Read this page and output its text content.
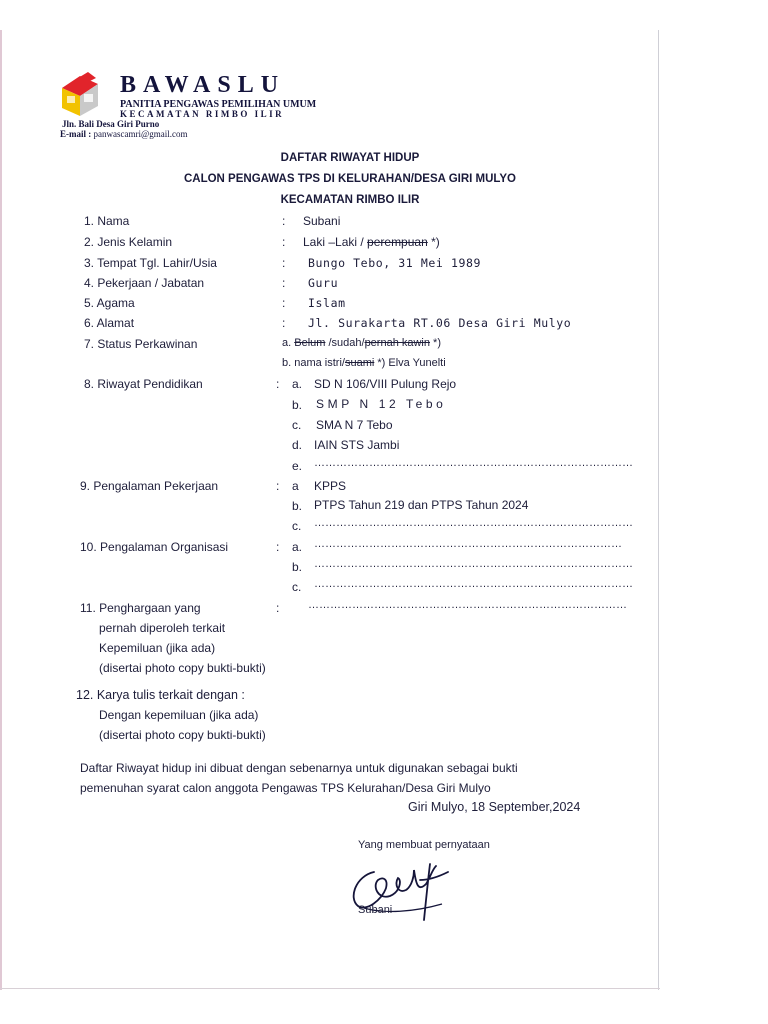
BAWASLU
PANITIA PENGAWAS PEMILIHAN UMUM
KECAMATAN RIMBO ILIR
Jln. Bali Desa Giri Purno
E-mail : panwascamri@gmail.com
DAFTAR RIWAYAT HIDUP
CALON PENGAWAS TPS DI KELURAHAN/DESA GIRI MULYO
KECAMATAN RIMBO ILIR
1. Nama	: Subani
2. Jenis Kelamin	: Laki –Laki / perempuan *)
3. Tempat Tgl. Lahir/Usia	: Bungo Tebo, 31 Mei 1989
4. Pekerjaan / Jabatan	: Guru
5. Agama	: Islam
6. Alamat	: Jl. Surakarta RT.06 Desa Giri Mulyo
7. Status Perkawinan	a. Belum /sudah/pernah kawin *)
b. nama istri/suami *) Elva Yunelti
8. Riwayat Pendidikan	: a. SD N 106/VIII Pulung Rejo
b. SMP N 12 Tebo
c. SMA N 7 Tebo
d. IAIN STS Jambi
e. ……………………………………………………………………………
9. Pengalaman Pekerjaan	: a KPPS
b. PTPS Tahun 219 dan PTPS Tahun 2024
c. ……………………………………………………………………………
10. Pengalaman Organisasi	: a. …………………………………………………………………………
b. ……………………………………………………………………………
c. ……………………………………………………………………………
11. Penghargaan yang
pernah diperoleh terkait
Kepemiluan (jika ada)
(disertai photo copy bukti-bukti)
:	……………………………………………………………………………
12. Karya tulis terkait dengan :
Dengan kepemiluan (jika ada)
(disertai photo copy bukti-bukti)
Daftar Riwayat hidup ini dibuat dengan sebenarnya untuk digunakan sebagai bukti
pemenuhan syarat calon anggota Pengawas TPS Kelurahan/Desa Giri Mulyo
Giri Mulyo, 18 September,2024
Yang membuat pernyataan
Subani
